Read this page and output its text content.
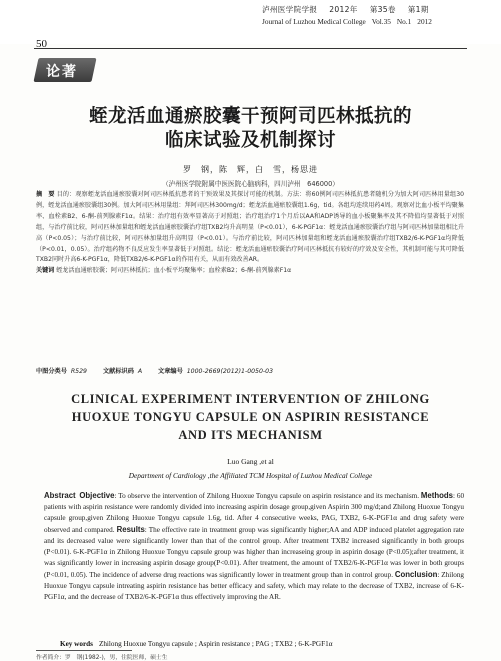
泸州医学院学报 2012年 第35卷 第1期
Journal of Luzhou Medical College Vol.35 No.1 2012
50
论著
蛭龙活血通瘀胶囊干预阿司匹林抵抗的
临床试验及机制探讨
罗　钢，陈　辉，白　雪，杨思进
（泸州医学院附属中医医院心脑病科，四川泸州　646000）
摘　要 目的：观察蛭龙活血通瘀胶囊对阿司匹林抵抗患者的干预效果及其探讨可能的机制。方法：将60例阿司匹林抵抗患者随机分为加大阿司匹林用量组30例，蛭龙活血通瘀胶囊组30例。加大阿司匹林用量组：拜阿司匹林300mg/d；蛭龙活血通瘀胶囊组1.6g，tid。各组均连续用药4周。观察对比血小板平均聚集率、血栓素B2、6-酮-前列腺素F1α。结果：治疗组有效率显著高于对照组；治疗组治疗1个月后以AA和ADP诱导的血小板聚集率及其不降值均显著低于对照组，与治疗前比较，阿司匹林加量组和蛭龙活血通瘀胶囊治疗组TXB2均升高明显（P<0.01），6-K-PGF1α：蛭龙活血通瘀胶囊治疗组与阿司匹林加量组相比升高（P<0.05）；与治疗前比较，阿司匹林加量组升高明显（P<0.01）。与治疗前比较，阿司匹林加量组和蛭龙活血通瘀胶囊治疗组TXB2/6-K-PGF1α均降低（P<0.01，0.05）。治疗组药物不良反应发生率显著低于对照组。结论：蛭龙活血通瘀胶囊治疗阿司匹林抵抗有较好的疗效及安全性，其机制可能与其可降低TXB2同时升高6-K-PGF1α，降低TXB2/6-K-PGF1α的作用有关，从而有效改善AR。
关键词 蛭龙活血通瘀胶囊；阿司匹林抵抗；血小板平均聚集率；血栓素B2；6-酮-前列腺素F1α
中图分类号 R529	文献标识码 A	文章编号 1000-2669(2012)1-0050-03
CLINICAL EXPERIMENT INTERVENTION OF ZHILONG
HUOXUE TONGYU CAPSULE ON ASPIRIN RESISTANCE
AND ITS MECHANISM
Luo Gang ,et al
Department of Cardiology ,the Affiliated TCM Hospital of Luzhou Medical College
Abstract Objective: To observe the intervention of Zhilong Huoxue Tongyu capsule on aspirin resistance and its mechanism. Methods: 60 patients with aspirin resistance were randomly divided into increasing aspirin dosage group,given Aspirin 300 mg/d;and Zhilong Huoxue Tongyu capsule group,given Zhilong Huoxue Tongyu capsule 1.6g, tid. After 4 consecutive weeks, PAG, TXB2, 6-K-PGF1α and drug safety were observed and compared. Results: The effective rate in treatment group was significantly higher;AA and ADP induced platelet aggregation rate and its decreased value were significantly lower than that of the control group. After treatment TXB2 increased significantly in both groups (P<0.01). 6-K-PGF1α in Zhilong Huoxue Tongyu capsule group was higher than increaseing group in aspirin dosage (P<0.05);after treatment, it was significantly lower in increasing aspirin dosage group(P<0.01). After treatment, the amount of TXB2/6-K-PGF1α was lower in both groups (P<0.01, 0.05). The incidence of adverse drug reactions was significantly lower in treatment group than in control group. Conclusion: Zhilong Huoxue Tongyu capsule intreating aspirin resistance has better efficacy and safety, which may relate to the decrease of TXB2, increase of 6-K-PGF1α, and the decrease of TXB2/6-K-PGF1α thus effectively improving the AR.
Key words Zhilong Huoxue Tongyu capsule ; Aspirin resistance ; PAG ; TXB2 ; 6-K-PGF1α
作者简介：罗　钢(1982-)，男，住院医师，硕士生
